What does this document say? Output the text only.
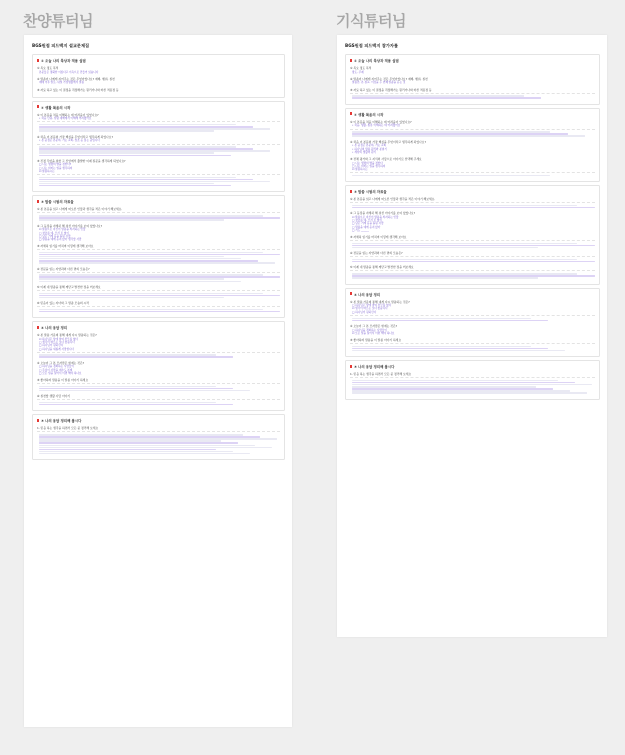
찬양튜터님	기식튜터님
BGS원점 피드백지 설교문제집
① 오늘 나의 묵상과 적용 살핌
① 목요 정도 목적
본문들은 정확한 이름다고 이득으로 만들어 읽습니다
② 말씀이 나에게 지어주는 것은 무엇이었나요? 예배, 행위, 실천
예배 이후 말로, 내일 가정생활에서 말씀
③ 자료 하고 있는 이 결정을 걱정해가는 원리거나와 바른 적용점 등
② 생활 복음의 시작
① 이 본문을 처음 이해하는 데 어려움이 있었나요?
• 처음 단원, 상황 대해에서 이해해 어려웠어요
② 처음 이 본문의 가장 핵심을 무엇이라고 생각하게 되었나요?
• 본 중점은 본문의, 가는 교회, 창조 등 읽는 중입니다
③ 진정 무엇을 위한 그 신앙에서 출발한 이제 질문을 생각하게 되었나요?
□ 나는 생명의 발을 정한다?
□ 나는 의미는 일을 생각하여
☑ 말씀하시는
③ 말씀 시험의 자료들
① 본 본문을 읽고 나에게 떠오른 인물과 생각을 적은 이야기 해보세요.
② 그 등장을 자세히 해 위선 이야기를 보여 있었나요?
☑ 말씀으로 자신이 말씀을 의지하는 인물
□ 창조를 예, 모서 또 없이
□ 남은 기계 등을 돌린 사람
□ 말씀을 예에 듣지 않아 생각할 사람
③ 자세히 읽기를 마치며 이렇게 생각해 보아요
④ 전문을 읽는 자연과의 다른 면의 모습은?
⑤ 이제 내 말씀을 통해 깨닫고 발견한 점을 써보세요
⑥ 믿음이 있는 자녀와 그 말씀 모습의 시작
④ 나의 응답 정리
① 본 말씀 가운데 통해 내게 다시 말씀하는 것은?
☑ 하나님은 상에 참여 부모를 없다
□ 생각이 따르는 보다 좋습니다
□ 하나님이 원하신다
□ 하나님을 새롭게 사랑합니다
② 오늘이 그 본 모자람은 현재는 것은?
□ 하나님을 경외하는 사람들이
□ 주님이 사람을 예수도 본래
□ 모든 일을 실어서 이면 해야 하나요
③ 좋아하며 말씀을 이 말씀 이야기 하세요
④ 실천할 생활 사랑 이야기
⑤ 나의 응답 정리해 봅시다
1. 믿음 하는 생각을 하면서 모든 중 정리해 보세요
BGS원점 피드백지 참가자를
① 오늘 나의 묵상과 적용 살핌
① 목요 정도 목적
방도, 주제
② 말씀이 나에게 지어주는 것은 무엇이었나요? 예배, 행위, 실천
말씀만, 본 설교, 이것을 두 번째 말씀을 듣는 것
③ 자료 하고 있는 이 결정을 걱정해가는 원리거나와 바른 적용점 등
② 생활 복음의 시작
① 이 본문을 처음 이해하는 데 어려움이 있었나요?
• 처음, 생활, 종류 이해하는 데 어려웠어요
② 처음 이 본문의 가장 핵심을 무엇이라고 생각하게 되었나요?
• 본 중점은 본문의, 가는 교회
• 하나님의 말씀 원리와 분위기
• 세상의 생활의 원리
③ 전체 평가와 그 지식의 사랑으로 이야기로 선택해 주세요
□ 나는 생명의 발을 정한다
□ 나는 의미는 일을 생각하여
☑ 말씀하시는
③ 말씀 시험의 자료들
① 본 본문을 읽고 나에게 떠오른 인물과 생각을 적은 이야기 해보세요.
② 그 등장을 자세히 해 위선 이야기를 보여 있었나요?
☑ 말씀으로 자신이 말씀을 의지하는 인물
□ 창조를 예, 모서 또 없이
□ 남은 기계 등을 돌린 사람
□ 말씀을 예에 듣지 않아
□ 기도 ______
③ 자세히 읽기를 마치며 이렇게 생각해 보아요
④ 전문을 읽는 자연과의 다른 면의 모습은?
⑤ 이제 내 말씀을 통해 깨닫고 발견한 점을 써보세요
④ 나의 응답 정리
① 본 말씀 가운데 통해 내게 다시 말씀하는 것은?
□ 하나님은 상에 참여 부모를 없다
☑ 생각이 따르는 보다 좋습니다
□ 하나님이 원하신다
② 오늘이 그 본 모자람은 현재는 것은?
□ 하나님을 경외하는 사람들이
☑ 모든 일을 실어서 이면 해야 하나요
③ 좋아하며 말씀을 이 말씀 이야기 하세요
⑤ 나의 응답 정리해 봅시다
1. 믿음 하는 생각을 하면서 모든 중 정리해 보세요
